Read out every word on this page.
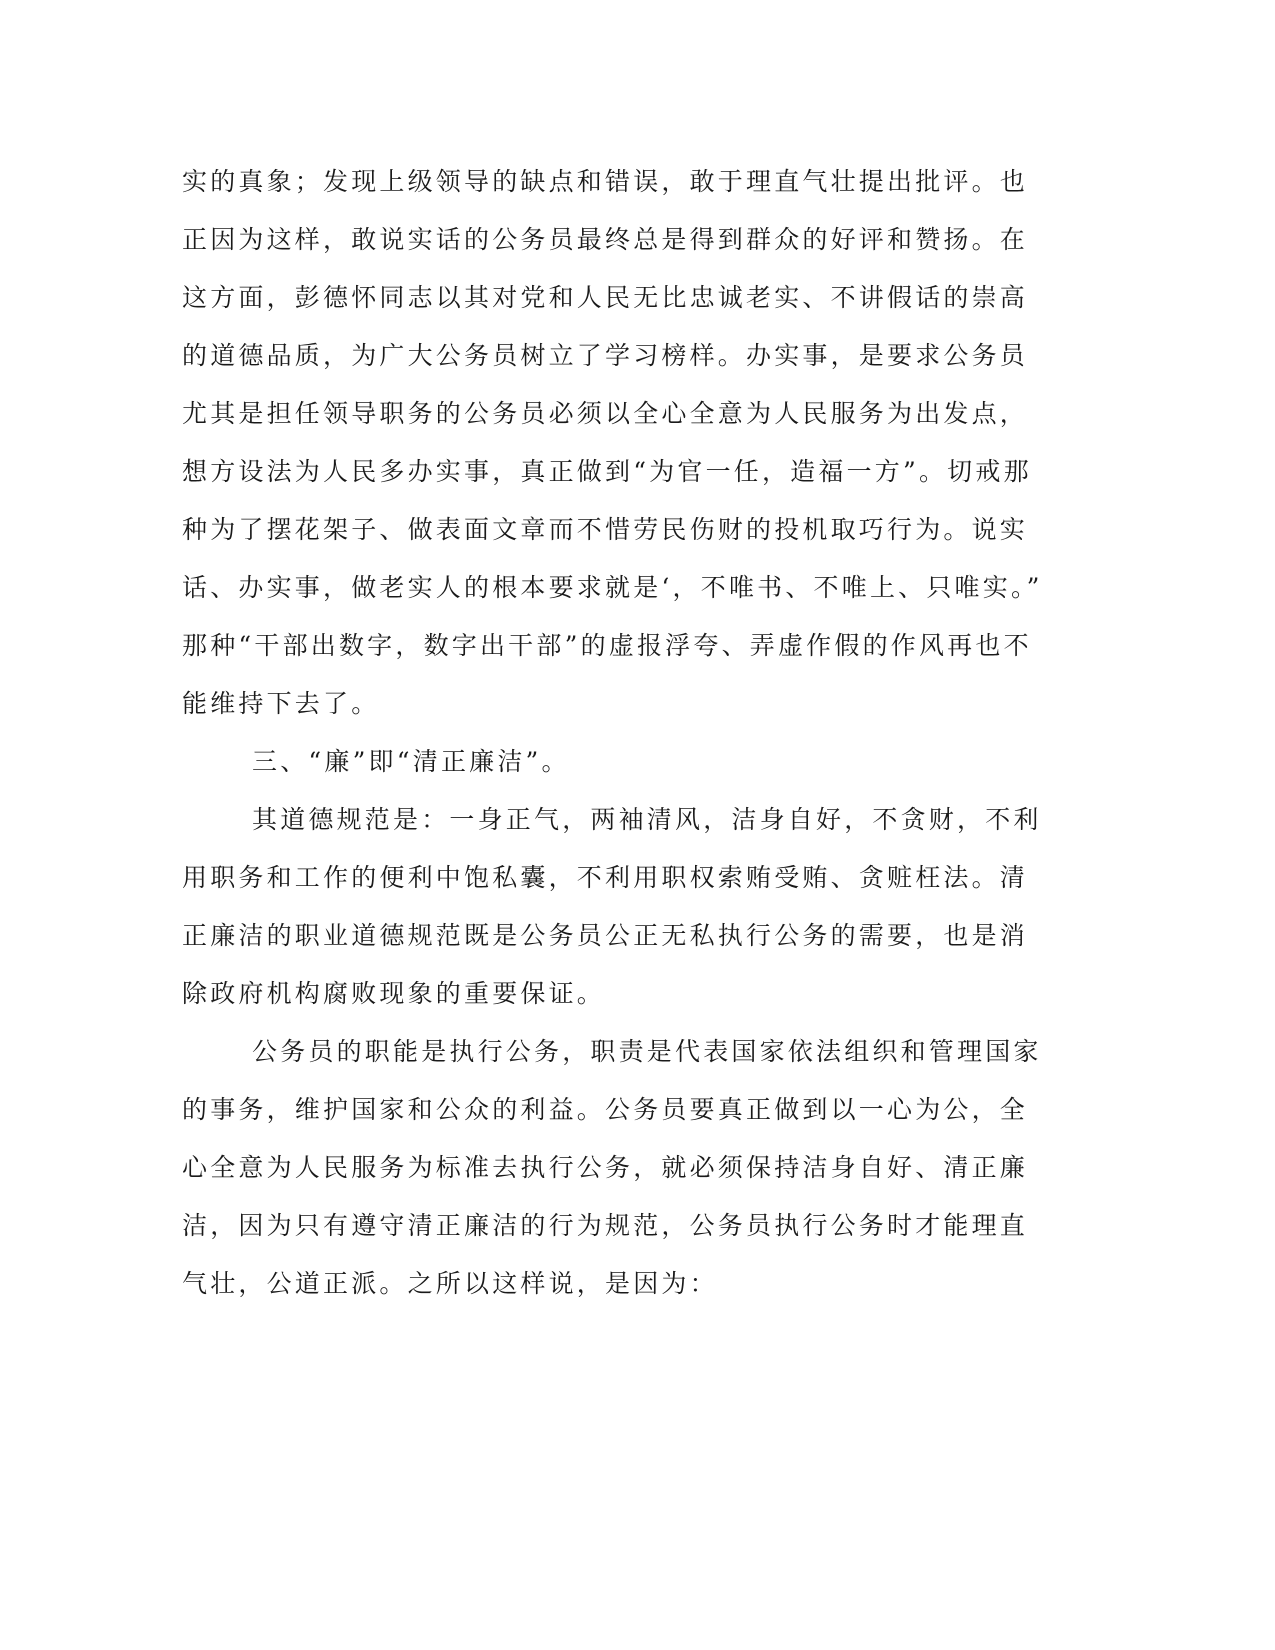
实的真象；发现上级领导的缺点和错误，敢于理直气壮提出批评。也
正因为这样，敢说实话的公务员最终总是得到群众的好评和赞扬。在
这方面，彭德怀同志以其对党和人民无比忠诚老实、不讲假话的崇高
的道德品质，为广大公务员树立了学习榜样。办实事，是要求公务员
尤其是担任领导职务的公务员必须以全心全意为人民服务为出发点，
想方设法为人民多办实事，真正做到“为官一任，造福一方”。切戒那
种为了摆花架子、做表面文章而不惜劳民伤财的投机取巧行为。说实
话、办实事，做老实人的根本要求就是‘，不唯书、不唯上、只唯实。”
那种“干部出数字，数字出干部”的虚报浮夸、弄虚作假的作风再也不
能维持下去了。
三、“廉”即“清正廉洁”。
其道德规范是：一身正气，两袖清风，洁身自好，不贪财，不利
用职务和工作的便利中饱私囊，不利用职权索贿受贿、贪赃枉法。清
正廉洁的职业道德规范既是公务员公正无私执行公务的需要，也是消
除政府机构腐败现象的重要保证。
公务员的职能是执行公务，职责是代表国家依法组织和管理国家
的事务，维护国家和公众的利益。公务员要真正做到以一心为公，全
心全意为人民服务为标准去执行公务，就必须保持洁身自好、清正廉
洁，因为只有遵守清正廉洁的行为规范，公务员执行公务时才能理直
气壮，公道正派。之所以这样说，是因为：
